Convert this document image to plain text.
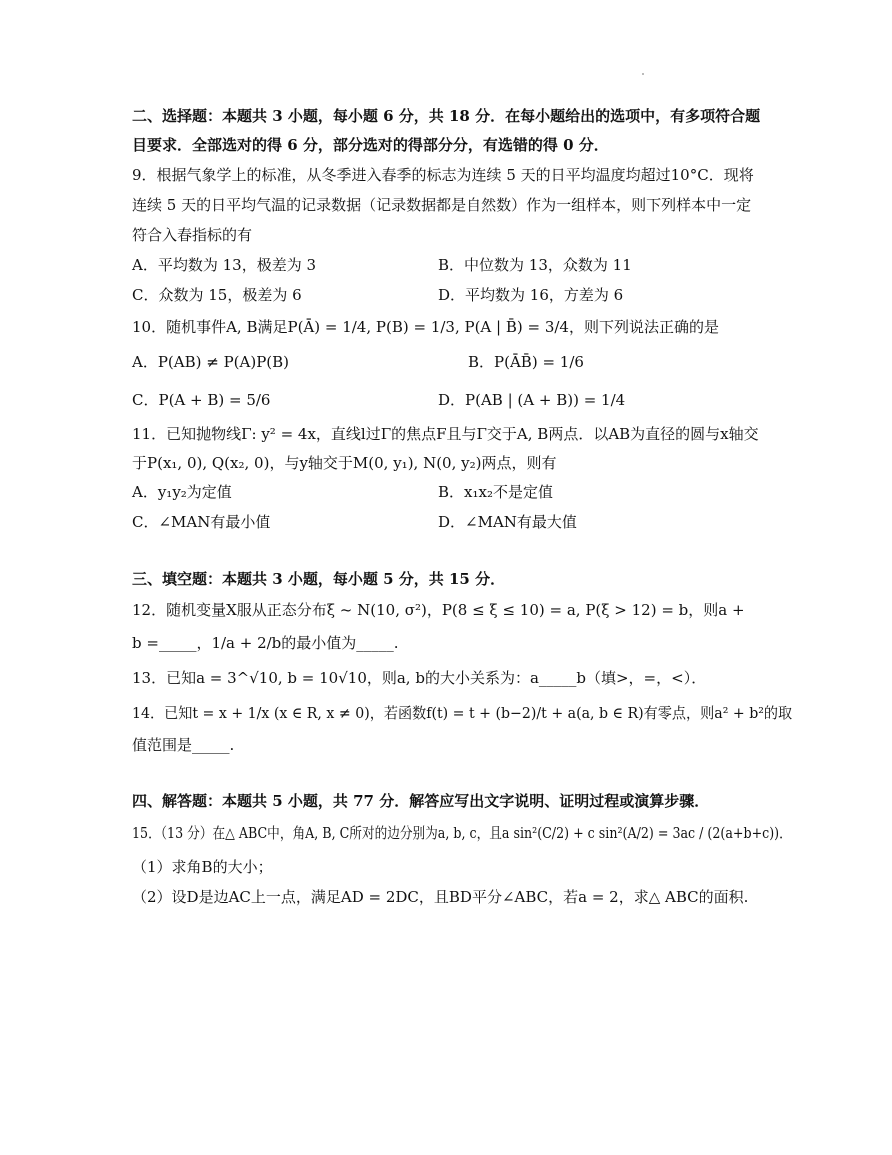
二、选择题：本题共 3 小题，每小题 6 分，共 18 分．在每小题给出的选项中，有多项符合题
目要求．全部选对的得 6 分，部分选对的得部分分，有选错的得 0 分．
9．根据气象学上的标准，从冬季进入春季的标志为连续 5 天的日平均温度均超过10°C．现将
连续 5 天的日平均气温的记录数据（记录数据都是自然数）作为一组样本，则下列样本中一定
符合入春指标的有
A．平均数为 13，极差为 3	B．中位数为 13，众数为 11
C．众数为 15，极差为 6	D．平均数为 16，方差为 6
10．随机事件A, B满足P(Ā) = 1/4, P(B) = 1/3, P(A | B̄) = 3/4，则下列说法正确的是
A．P(AB) ≠ P(A)P(B)	B．P(ĀB̄) = 1/6
C．P(A + B) = 5/6	D．P(AB | (A + B)) = 1/4
11．已知抛物线Γ: y² = 4x，直线l过Γ的焦点F且与Γ交于A, B两点．以AB为直径的圆与x轴交
于P(x₁, 0), Q(x₂, 0)，与y轴交于M(0, y₁), N(0, y₂)两点，则有
A．y₁y₂为定值	B．x₁x₂不是定值
C．∠MAN有最小值	D．∠MAN有最大值
三、填空题：本题共 3 小题，每小题 5 分，共 15 分．
12．随机变量X服从正态分布ξ ~ N(10, σ²)，P(8 ≤ ξ ≤ 10) = a, P(ξ > 12) = b，则a +
b =_____，1/a + 2/b的最小值为_____.
13．已知a = 3^√10, b = 10√10，则a, b的大小关系为：a_____b（填>，=，<）．
14．已知t = x + 1/x (x ∈ R, x ≠ 0)，若函数f(t) = t + (b−2)/t + a(a, b ∈ R)有零点，则a² + b²的取
值范围是_____.
四、解答题：本题共 5 小题，共 77 分．解答应写出文字说明、证明过程或演算步骤．
15．（13 分）在△ ABC中，角A, B, C所对的边分别为a, b, c，且a sin²(C/2) + c sin²(A/2) = 3ac / (2(a+b+c))．
（1）求角B的大小；
（2）设D是边AC上一点，满足AD = 2DC，且BD平分∠ABC，若a = 2，求△ ABC的面积.
